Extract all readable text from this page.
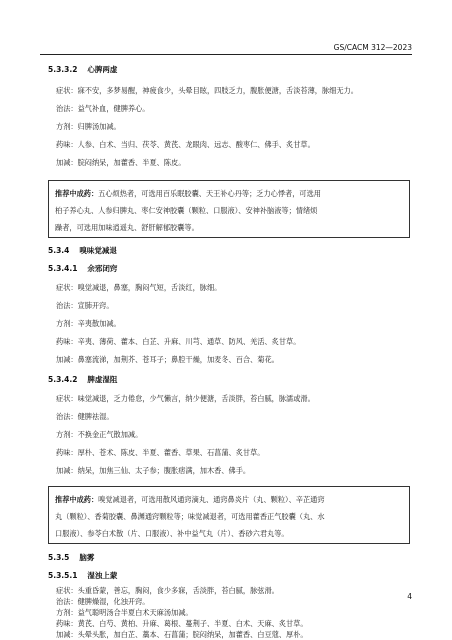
GS/CACM 312—2023
5.3.3.2 心脾两虚
症状：寐不安，多梦易醒，神疲食少，头晕目眩，四肢乏力，腹胀便溏，舌淡苔薄，脉细无力。
治法：益气补血，健脾养心。
方剂：归脾汤加减。
药味：人参、白术、当归、茯苓、黄芪、龙眼肉、远志、酸枣仁、佛手、炙甘草。
加减：脘闷纳呆，加藿香、半夏、陈皮。
推荐中成药：五心烦热者，可选用百乐眠胶囊、天王补心丹等；乏力心悸者，可选用
柏子养心丸、人参归脾丸、枣仁安神胶囊（颗粒、口服液）、安神补脑液等；情绪烦
躁者，可选用加味逍遥丸、舒肝解郁胶囊等。
5.3.4 嗅味觉减退
5.3.4.1 余邪闭窍
症状：嗅觉减退，鼻塞，胸闷气短，舌淡红，脉细。
治法：宣肺开窍。
方剂：辛夷散加减。
药味：辛夷、薄荷、藿本、白芷、升麻、川芎、通草、防风、羌活、炙甘草。
加减：鼻塞流涕，加荆芥、苍耳子；鼻腔干燥，加麦冬、百合、菊花。
5.3.4.2 脾虚湿阻
症状：味觉减退，乏力倦怠，少气懒言，纳少便溏，舌淡胖，苔白腻，脉濡或滑。
治法：健脾祛湿。
方剂：不换金正气散加减。
药味：厚朴、苍术、陈皮、半夏、藿香、草果、石菖蒲、炙甘草。
加减：纳呆，加焦三仙、太子参；腹胀痞满，加木香、佛手。
推荐中成药：嗅觉减退者，可选用散风通窍滴丸、通窍鼻炎片（丸、颗粒）、辛芷通窍
丸（颗粒）、香菊胶囊、鼻渊通窍颗粒等；味觉减退者，可选用藿香正气胶囊（丸、水
口服液）、参苓白术散（片、口服液）、补中益气丸（片）、香砂六君丸等。
5.3.5 脑雾
5.3.5.1 湿浊上蒙
症状：头重昏蒙，善忘，胸闷，食少多寐，舌淡胖，苔白腻，脉弦滑。
治法：健脾燥湿，化浊开窍。
方剂：益气聪明汤合半夏白术天麻汤加减。
药味：黄芪、白芍、黄柏、升麻、葛根、蔓荆子、半夏、白术、天麻、炙甘草。
加减：头晕头胀，加白芷、藁本、石菖蒲；脘闷纳呆，加藿香、白豆蔻、厚朴。
4
